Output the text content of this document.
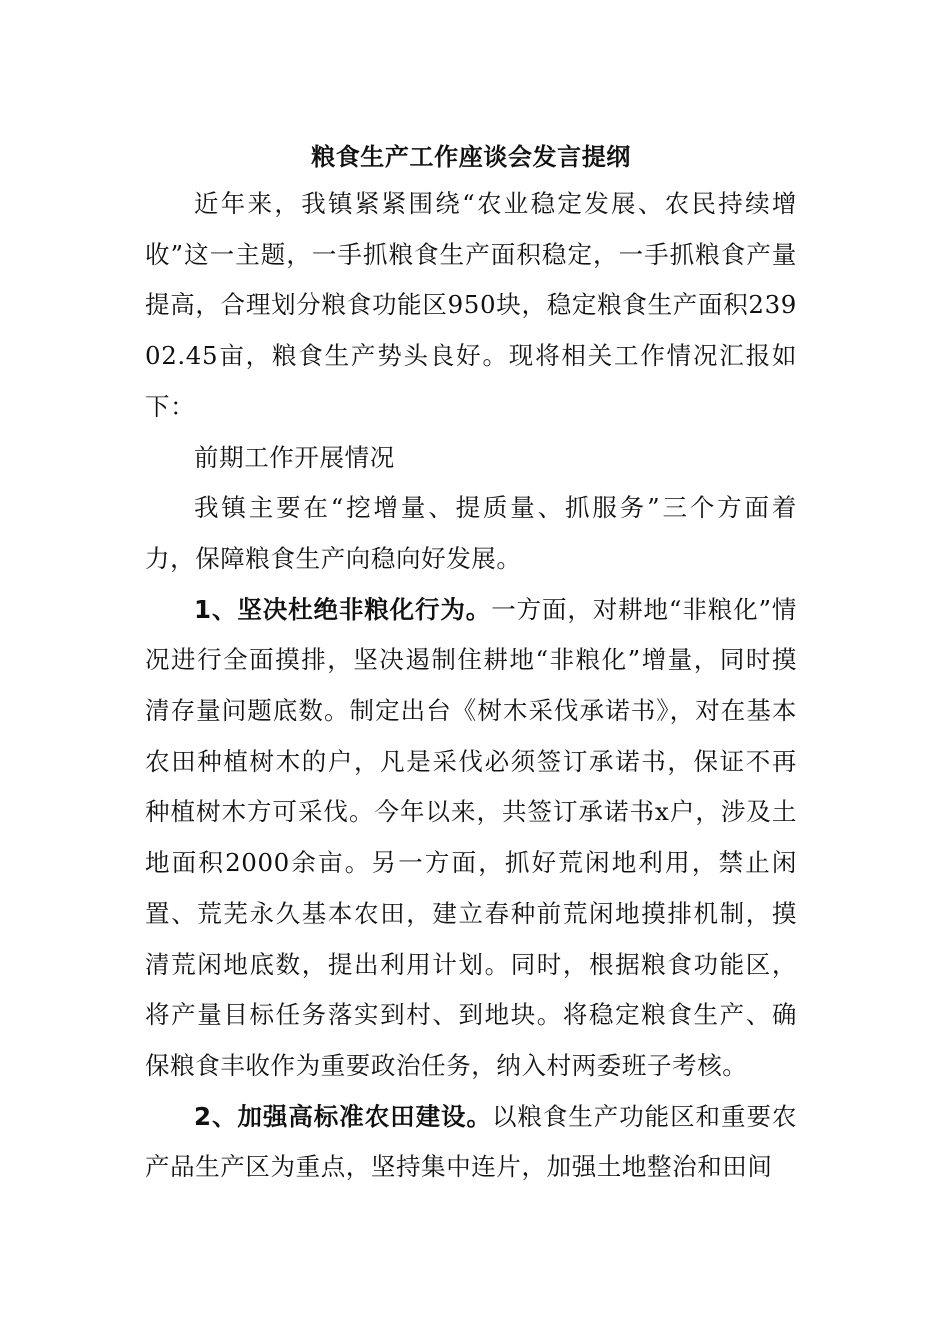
粮食生产工作座谈会发言提纲

近年来，我镇紧紧围绕“农业稳定发展、农民持续增收”这一主题，一手抓粮食生产面积稳定，一手抓粮食产量提高，合理划分粮食功能区950块，稳定粮食生产面积23902.45亩，粮食生产势头良好。现将相关工作情况汇报如下：

前期工作开展情况

我镇主要在“挖增量、提质量、抓服务”三个方面着力，保障粮食生产向稳向好发展。

1、坚决杜绝非粮化行为。一方面，对耕地“非粮化”情况进行全面摸排，坚决遏制住耕地“非粮化”增量，同时摸清存量问题底数。制定出台《树木采伐承诺书》，对在基本农田种植树木的户，凡是采伐必须签订承诺书，保证不再种植树木方可采伐。今年以来，共签订承诺书x户，涉及土地面积2000余亩。另一方面，抓好荒闲地利用，禁止闲置、荒芜永久基本农田，建立春种前荒闲地摸排机制，摸清荒闲地底数，提出利用计划。同时，根据粮食功能区，将产量目标任务落实到村、到地块。将稳定粮食生产、确保粮食丰收作为重要政治任务，纳入村两委班子考核。

2、加强高标准农田建设。以粮食生产功能区和重要农产品生产区为重点，坚持集中连片，加强土地整治和田间
